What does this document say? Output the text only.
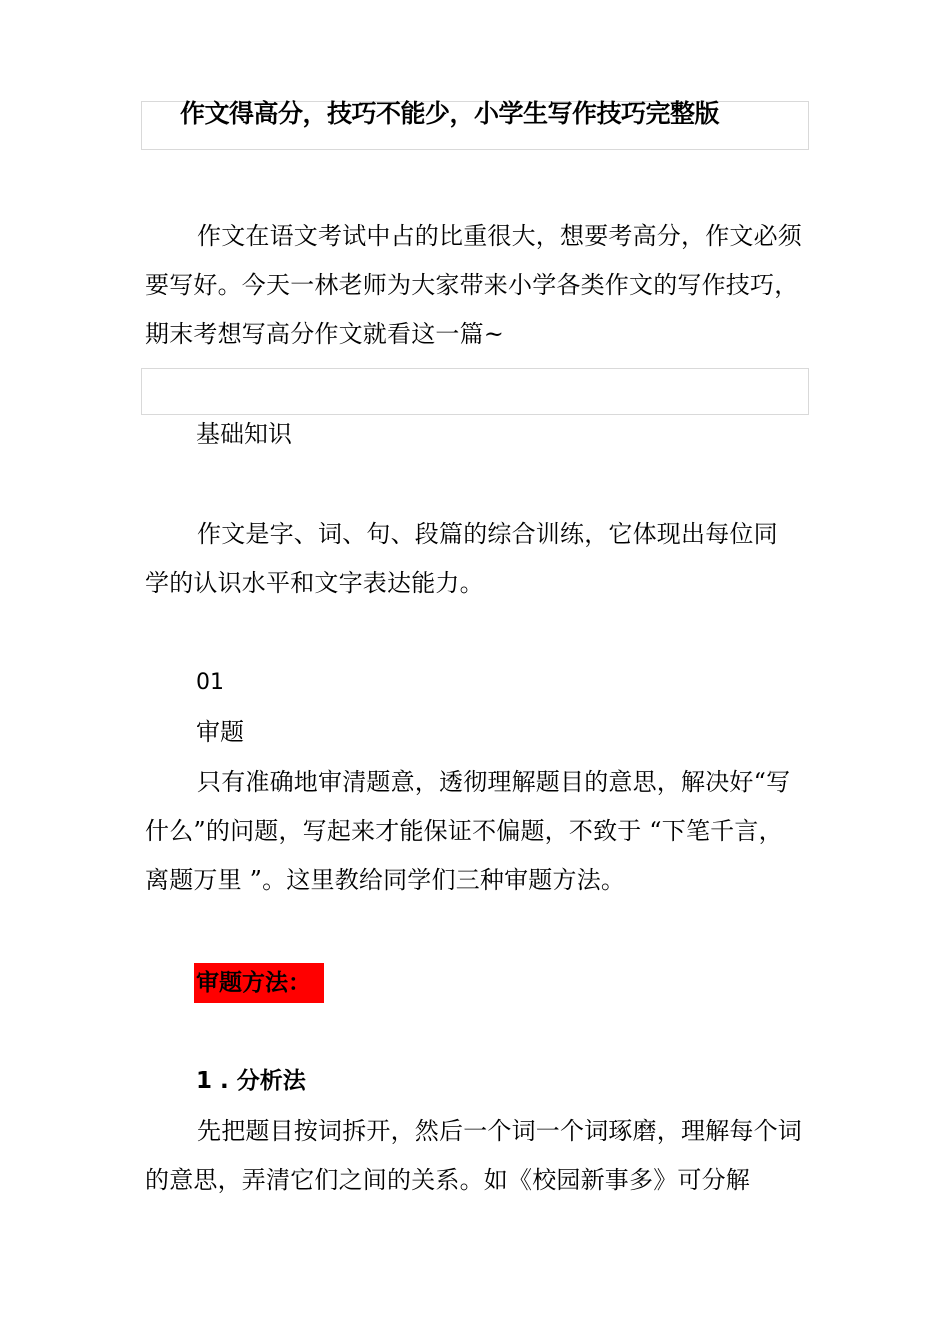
作文得高分，技巧不能少，小学生写作技巧完整版

作文在语文考试中占的比重很大，想要考高分，作文必须要写好。今天一林老师为大家带来小学各类作文的写作技巧，期末考想写高分作文就看这一篇~

基础知识

作文是字、词、句、段篇的综合训练，它体现出每位同学的认识水平和文字表达能力。

01
审题

只有准确地审清题意，透彻理解题目的意思，解决好“写什么”的问题，写起来才能保证不偏题，不致于 “下笔千言，离题万里 ”。这里教给同学们三种审题方法。

审题方法：
1 . 分析法

先把题目按词拆开，然后一个词一个词琢磨，理解每个词的意思，弄清它们之间的关系。如《校园新事多》可分解
